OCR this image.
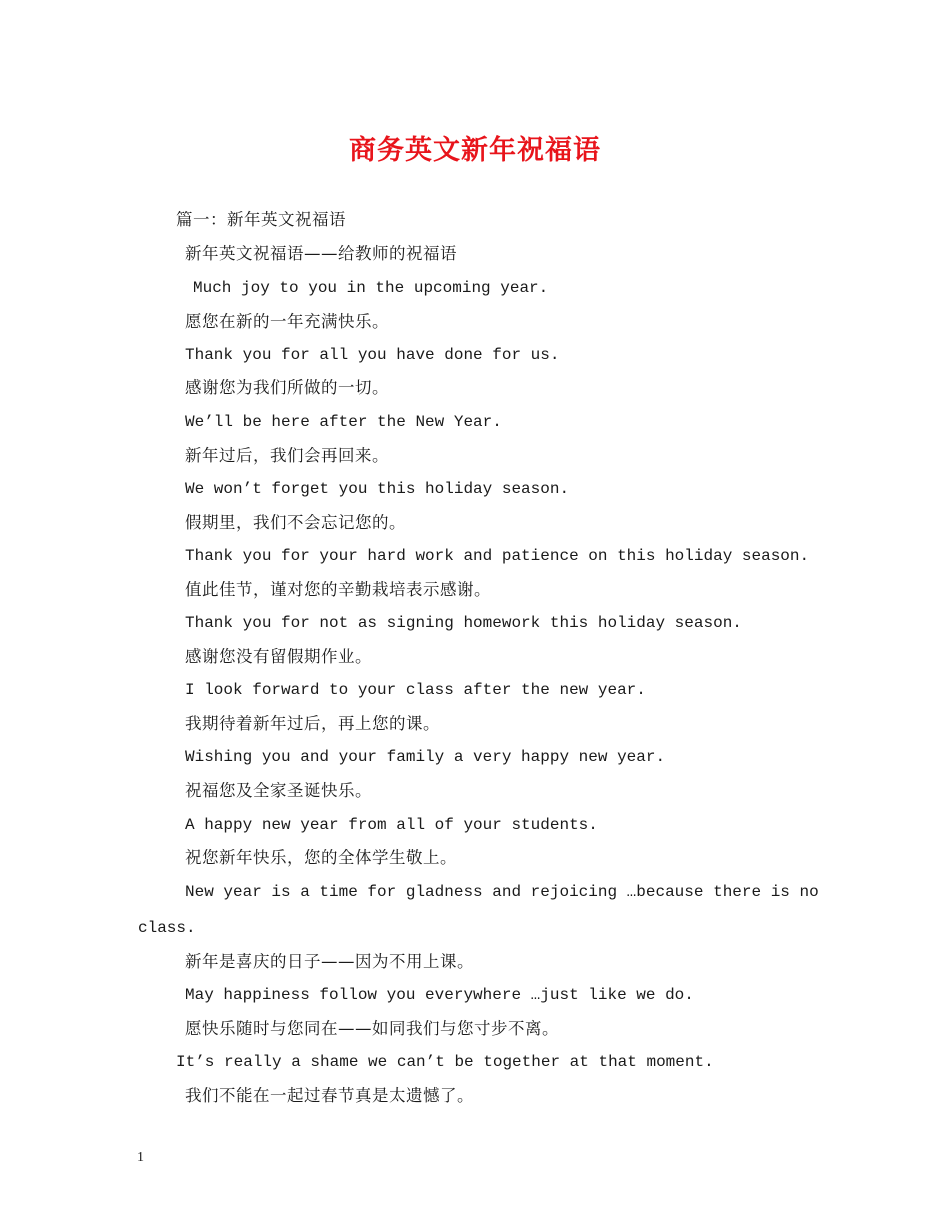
商务英文新年祝福语
篇一：新年英文祝福语
新年英文祝福语——给教师的祝福语
Much joy to you in the upcoming year.
愿您在新的一年充满快乐。
Thank you for all you have done for us.
感谢您为我们所做的一切。
We’ll be here after the New Year.
新年过后，我们会再回来。
We won’t forget you this holiday season.
假期里，我们不会忘记您的。
Thank you for your hard work and patience on this holiday season.
值此佳节，谨对您的辛勤栽培表示感谢。
Thank you for not as signing homework this holiday season.
感谢您没有留假期作业。
I look forward to your class after the new year.
我期待着新年过后，再上您的课。
Wishing you and your family a very happy new year.
祝福您及全家圣诞快乐。
A happy new year from all of your students.
祝您新年快乐，您的全体学生敬上。
New year is a time for gladness and rejoicing …because there is no
class.
新年是喜庆的日子——因为不用上课。
May happiness follow you everywhere …just like we do.
愿快乐随时与您同在——如同我们与您寸步不离。
It’s really a shame we can’t be together at that moment.
我们不能在一起过春节真是太遗憾了。
1
